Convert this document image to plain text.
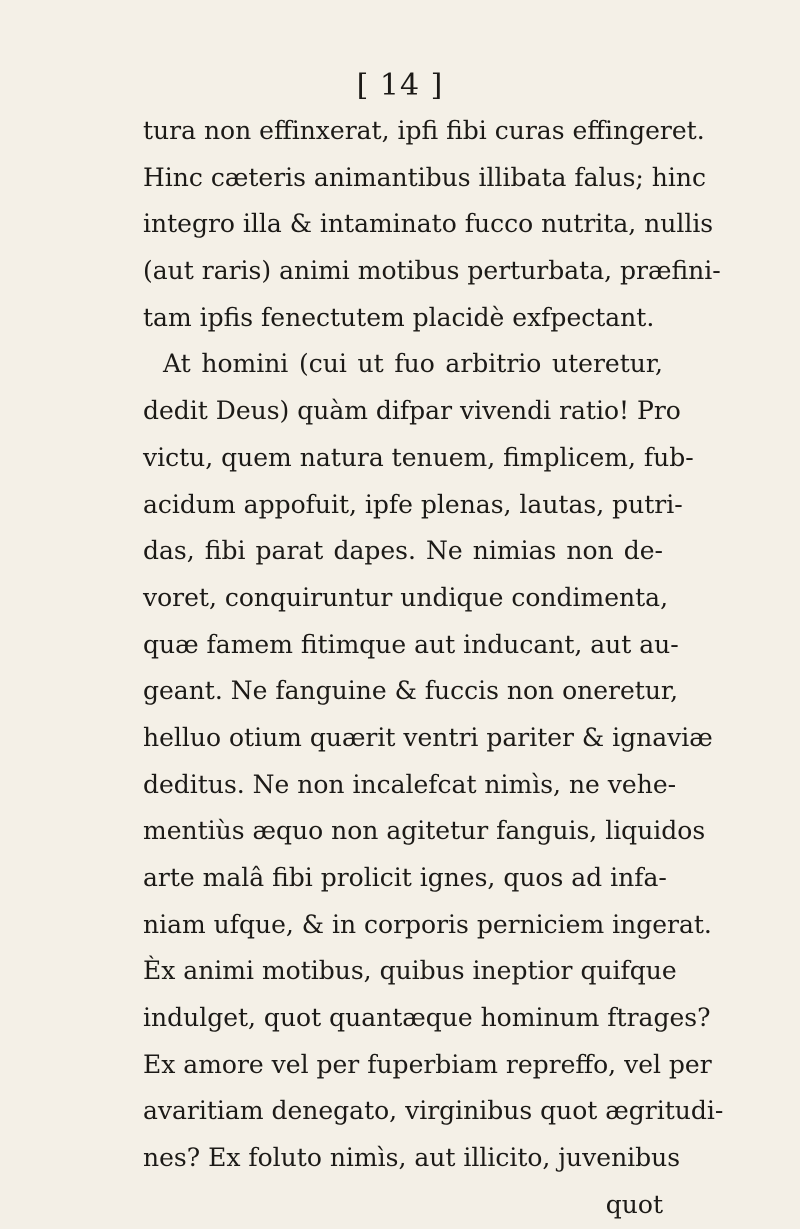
[ 14 ]
tura non effinxerat, ipfi fibi curas effingeret.
Hinc cæteris animantibus illibata falus; hinc
integro illa & intaminato fucco nutrita, nullis
(aut raris) animi motibus perturbata, præfini-
tam ipfis fenectutem placidè exfpectant.
At homini (cui ut fuo arbitrio uteretur,
dedit Deus) quàm difpar vivendi ratio! Pro
victu, quem natura tenuem, fimplicem, fub-
acidum appofuit, ipfe plenas, lautas, putri-
das, fibi parat dapes. Ne nimias non de-
voret, conquiruntur undique condimenta,
quæ famem fitimque aut inducant, aut au-
geant. Ne fanguine & fuccis non oneretur,
helluo otium quærit ventri pariter & ignaviæ
deditus. Ne non incalefcat nimìs, ne vehe-
mentiùs æquo non agitetur fanguis, liquidos
arte malâ fibi prolicit ignes, quos ad infa-
niam ufque, & in corporis perniciem ingerat.
Èx animi motibus, quibus ineptior quifque
indulget, quot quantæque hominum ftrages?
Ex amore vel per fuperbiam repreffo, vel per
avaritiam denegato, virginibus quot ægritudi-
nes? Ex foluto nimìs, aut illicito, juvenibus
quot
